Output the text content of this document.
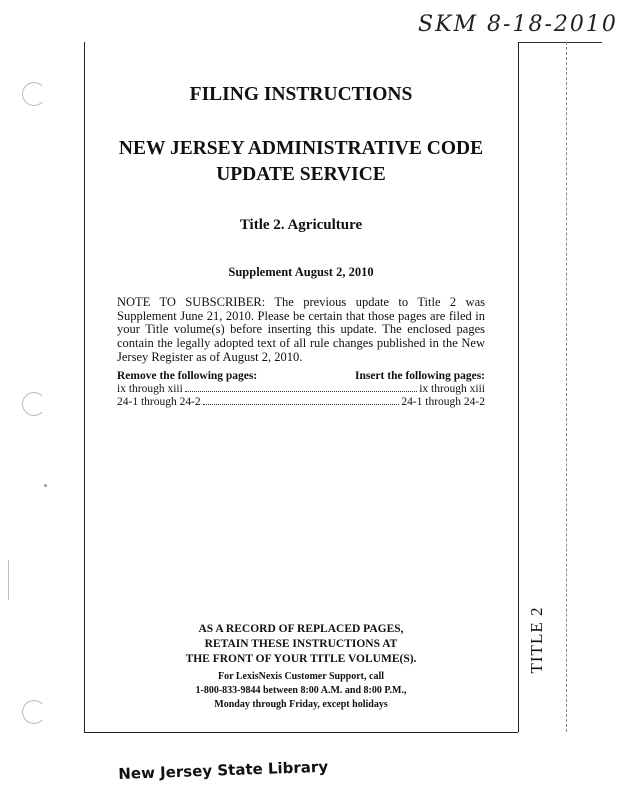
SKM 8-18-2010
TITLE 2
FILING INSTRUCTIONS
NEW JERSEY ADMINISTRATIVE CODE
UPDATE SERVICE
Title 2. Agriculture
Supplement August 2, 2010

NOTE TO SUBSCRIBER: The previous update to Title 2 was Supplement June 21, 2010. Please be certain that those pages are filed in your Title volume(s) before inserting this update. The enclosed pages contain the legally adopted text of all rule changes published in the New Jersey Register as of August 2, 2010.

Remove the following pages:	Insert the following pages:
ix through xiii	ix through xiii
24-1 through 24-2	24-1 through 24-2
AS A RECORD OF REPLACED PAGES,
RETAIN THESE INSTRUCTIONS AT
THE FRONT OF YOUR TITLE VOLUME(S).
For LexisNexis Customer Support, call
1-800-833-9844 between 8:00 A.M. and 8:00 P.M.,
Monday through Friday, except holidays
New Jersey State Library
